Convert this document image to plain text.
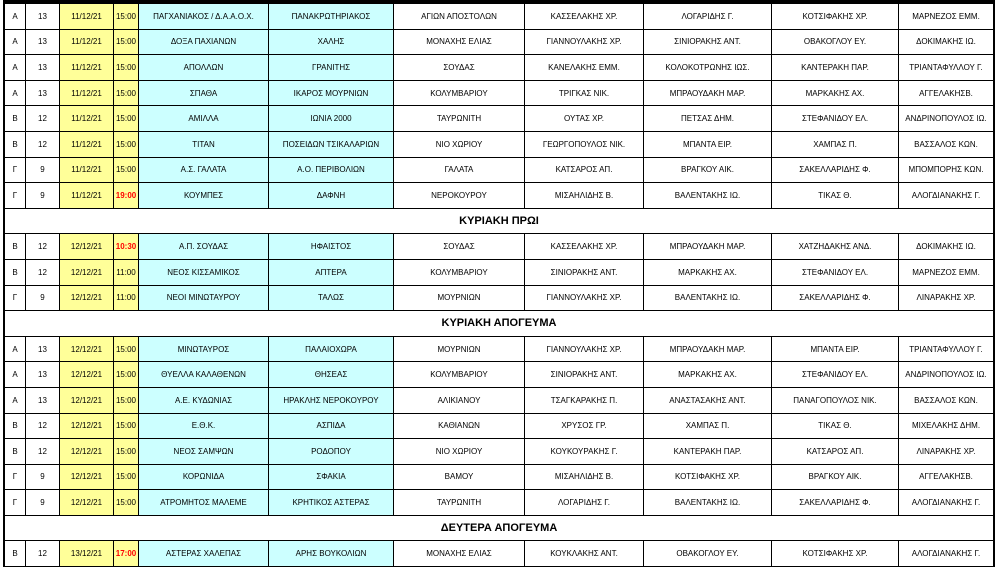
Α	13	11/12/21	15:00	ΠΑΓΧΑΝΙΑΚΟΣ / Δ.Α.Α.Ο.Χ.	ΠΑΝΑΚΡΩΤΗΡΙΑΚΟΣ	ΑΓΙΩΝ ΑΠΟΣΤΟΛΩΝ	ΚΑΣΣΕΛΑΚΗΣ ΧΡ.	ΛΟΓΑΡΙΔΗΣ Γ.	ΚΟΤΣΙΦΑΚΗΣ ΧΡ.	ΜΑΡΝΕΖΟΣ ΕΜΜ.
Α	13	11/12/21	15:00	ΔΟΞΑ ΠΑΧΙΑΝΩΝ	ΧΑΛΗΣ	ΜΟΝΑΧΗΣ ΕΛΙΑΣ	ΓΙΑΝΝΟΥΛΑΚΗΣ ΧΡ.	ΣΙΝΙΟΡΑΚΗΣ ΑΝΤ.	ΟΒΑΚΟΓΛΟΥ ΕΥ.	ΔΟΚΙΜΑΚΗΣ ΙΩ.
Α	13	11/12/21	15:00	ΑΠΟΛΛΩΝ	ΓΡΑΝΙΤΗΣ	ΣΟΥΔΑΣ	ΚΑΝΕΛΑΚΗΣ ΕΜΜ.	ΚΟΛΟΚΟΤΡΩΝΗΣ ΙΩΣ.	ΚΑΝΤΕΡΑΚΗ ΠΑΡ.	ΤΡΙΑΝΤΑΦΥΛΛΟΥ Γ.
Α	13	11/12/21	15:00	ΣΠΑΘΑ	ΙΚΑΡΟΣ ΜΟΥΡΝΙΩΝ	ΚΟΛΥΜΒΑΡΙΟΥ	ΤΡΙΓΚΑΣ ΝΙΚ.	ΜΠΡΑΟΥΔΑΚΗ ΜΑΡ.	ΜΑΡΚΑΚΗΣ ΑΧ.	ΑΓΓΕΛΑΚΗΣΒ.
Β	12	11/12/21	15:00	ΑΜΙΛΛΑ	ΙΩΝΙΑ 2000	ΤΑΥΡΩΝΙΤΗ	ΟΥΤΑΣ ΧΡ.	ΠΕΤΣΑΣ ΔΗΜ.	ΣΤΕΦΑΝΙΔΟΥ ΕΛ.	ΑΝΔΡΙΝΟΠΟΥΛΟΣ ΙΩ.
Β	12	11/12/21	15:00	ΤΙΤΑΝ	ΠΟΣΕΙΔΩΝ ΤΣΙΚΑΛΑΡΙΩΝ	ΝΙΟ ΧΩΡΙΟΥ	ΓΕΩΡΓΟΠΟΥΛΟΣ ΝΙΚ.	ΜΠΑΝΤΑ ΕΙΡ.	ΧΑΜΠΑΣ Π.	ΒΑΣΣΑΛΟΣ ΚΩΝ.
Γ	9	11/12/21	15:00	Α.Σ. ΓΑΛΑΤΑ	Α.Ο. ΠΕΡΙΒΟΛΙΩΝ	ΓΑΛΑΤΑ	ΚΑΤΣΑΡΟΣ ΑΠ.	ΒΡΑΓΚΟΥ ΑΙΚ.	ΣΑΚΕΛΛΑΡΙΔΗΣ Φ.	ΜΠΟΜΠΟΡΗΣ ΚΩΝ.
Γ	9	11/12/21	19:00	ΚΟΥΜΠΕΣ	ΔΑΦΝΗ	ΝΕΡΟΚΟΥΡΟΥ	ΜΙΣΑΗΛΙΔΗΣ Β.	ΒΑΛΕΝΤΑΚΗΣ ΙΩ.	ΤΙΚΑΣ Θ.	ΑΛΟΓΔΙΑΝΑΚΗΣ Γ.
ΚΥΡΙΑΚΗ ΠΡΩΙ
Β	12	12/12/21	10:30	Α.Π. ΣΟΥΔΑΣ	ΗΦΑΙΣΤΟΣ	ΣΟΥΔΑΣ	ΚΑΣΣΕΛΑΚΗΣ ΧΡ.	ΜΠΡΑΟΥΔΑΚΗ ΜΑΡ.	ΧΑΤΖΗΔΑΚΗΣ ΑΝΔ.	ΔΟΚΙΜΑΚΗΣ ΙΩ.
Β	12	12/12/21	11:00	ΝΕΟΣ ΚΙΣΣΑΜΙΚΟΣ	ΑΠΤΕΡΑ	ΚΟΛΥΜΒΑΡΙΟΥ	ΣΙΝΙΟΡΑΚΗΣ ΑΝΤ.	ΜΑΡΚΑΚΗΣ ΑΧ.	ΣΤΕΦΑΝΙΔΟΥ ΕΛ.	ΜΑΡΝΕΖΟΣ ΕΜΜ.
Γ	9	12/12/21	11:00	ΝΕΟΙ ΜΙΝΩΤΑΥΡΟΥ	ΤΑΛΩΣ	ΜΟΥΡΝΙΩΝ	ΓΙΑΝΝΟΥΛΑΚΗΣ ΧΡ.	ΒΑΛΕΝΤΑΚΗΣ ΙΩ.	ΣΑΚΕΛΛΑΡΙΔΗΣ Φ.	ΛΙΝΑΡΑΚΗΣ ΧΡ.
ΚΥΡΙΑΚΗ ΑΠΟΓΕΥΜΑ
Α	13	12/12/21	15:00	ΜΙΝΩΤΑΥΡΟΣ	ΠΑΛΑΙΟΧΩΡΑ	ΜΟΥΡΝΙΩΝ	ΓΙΑΝΝΟΥΛΑΚΗΣ ΧΡ.	ΜΠΡΑΟΥΔΑΚΗ ΜΑΡ.	ΜΠΑΝΤΑ ΕΙΡ.	ΤΡΙΑΝΤΑΦΥΛΛΟΥ Γ.
Α	13	12/12/21	15:00	ΘΥΕΛΛΑ ΚΑΛΑΘΕΝΩΝ	ΘΗΣΕΑΣ	ΚΟΛΥΜΒΑΡΙΟΥ	ΣΙΝΙΟΡΑΚΗΣ ΑΝΤ.	ΜΑΡΚΑΚΗΣ ΑΧ.	ΣΤΕΦΑΝΙΔΟΥ ΕΛ.	ΑΝΔΡΙΝΟΠΟΥΛΟΣ ΙΩ.
Α	13	12/12/21	15:00	Α.Ε. ΚΥΔΩΝΙΑΣ	ΗΡΑΚΛΗΣ ΝΕΡΟΚΟΥΡΟΥ	ΑΛΙΚΙΑΝΟΥ	ΤΣΑΓΚΑΡΑΚΗΣ Π.	ΑΝΑΣΤΑΣΑΚΗΣ ΑΝΤ.	ΠΑΝΑΓΟΠΟΥΛΟΣ ΝΙΚ.	ΒΑΣΣΑΛΟΣ ΚΩΝ.
Β	12	12/12/21	15:00	Ε.Θ.Κ.	ΑΣΠΙΔΑ	ΚΑΘΙΑΝΩΝ	ΧΡΥΣΟΣ ΓΡ.	ΧΑΜΠΑΣ Π.	ΤΙΚΑΣ Θ.	ΜΙΧΕΛΑΚΗΣ ΔΗΜ.
Β	12	12/12/21	15:00	ΝΕΟΣ ΣΑΜΨΩΝ	ΡΟΔΟΠΟΥ	ΝΙΟ ΧΩΡΙΟΥ	ΚΟΥΚΟΥΡΑΚΗΣ Γ.	ΚΑΝΤΕΡΑΚΗ ΠΑΡ.	ΚΑΤΣΑΡΟΣ ΑΠ.	ΛΙΝΑΡΑΚΗΣ ΧΡ.
Γ	9	12/12/21	15:00	ΚΟΡΩΝΙΔΑ	ΣΦΑΚΙΑ	ΒΑΜΟΥ	ΜΙΣΑΗΛΙΔΗΣ Β.	ΚΟΤΣΙΦΑΚΗΣ ΧΡ.	ΒΡΑΓΚΟΥ ΑΙΚ.	ΑΓΓΕΛΑΚΗΣΒ.
Γ	9	12/12/21	15:00	ΑΤΡΟΜΗΤΟΣ ΜΑΛΕΜΕ	ΚΡΗΤΙΚΟΣ ΑΣΤΕΡΑΣ	ΤΑΥΡΩΝΙΤΗ	ΛΟΓΑΡΙΔΗΣ Γ.	ΒΑΛΕΝΤΑΚΗΣ ΙΩ.	ΣΑΚΕΛΛΑΡΙΔΗΣ Φ.	ΑΛΟΓΔΙΑΝΑΚΗΣ Γ.
ΔΕΥΤΕΡΑ ΑΠΟΓΕΥΜΑ
Β	12	13/12/21	17:00	ΑΣΤΕΡΑΣ ΧΑΛΕΠΑΣ	ΑΡΗΣ ΒΟΥΚΟΛΙΩΝ	ΜΟΝΑΧΗΣ ΕΛΙΑΣ	ΚΟΥΚΛΑΚΗΣ ΑΝΤ.	ΟΒΑΚΟΓΛΟΥ ΕΥ.	ΚΟΤΣΙΦΑΚΗΣ ΧΡ.	ΑΛΟΓΔΙΑΝΑΚΗΣ Γ.
